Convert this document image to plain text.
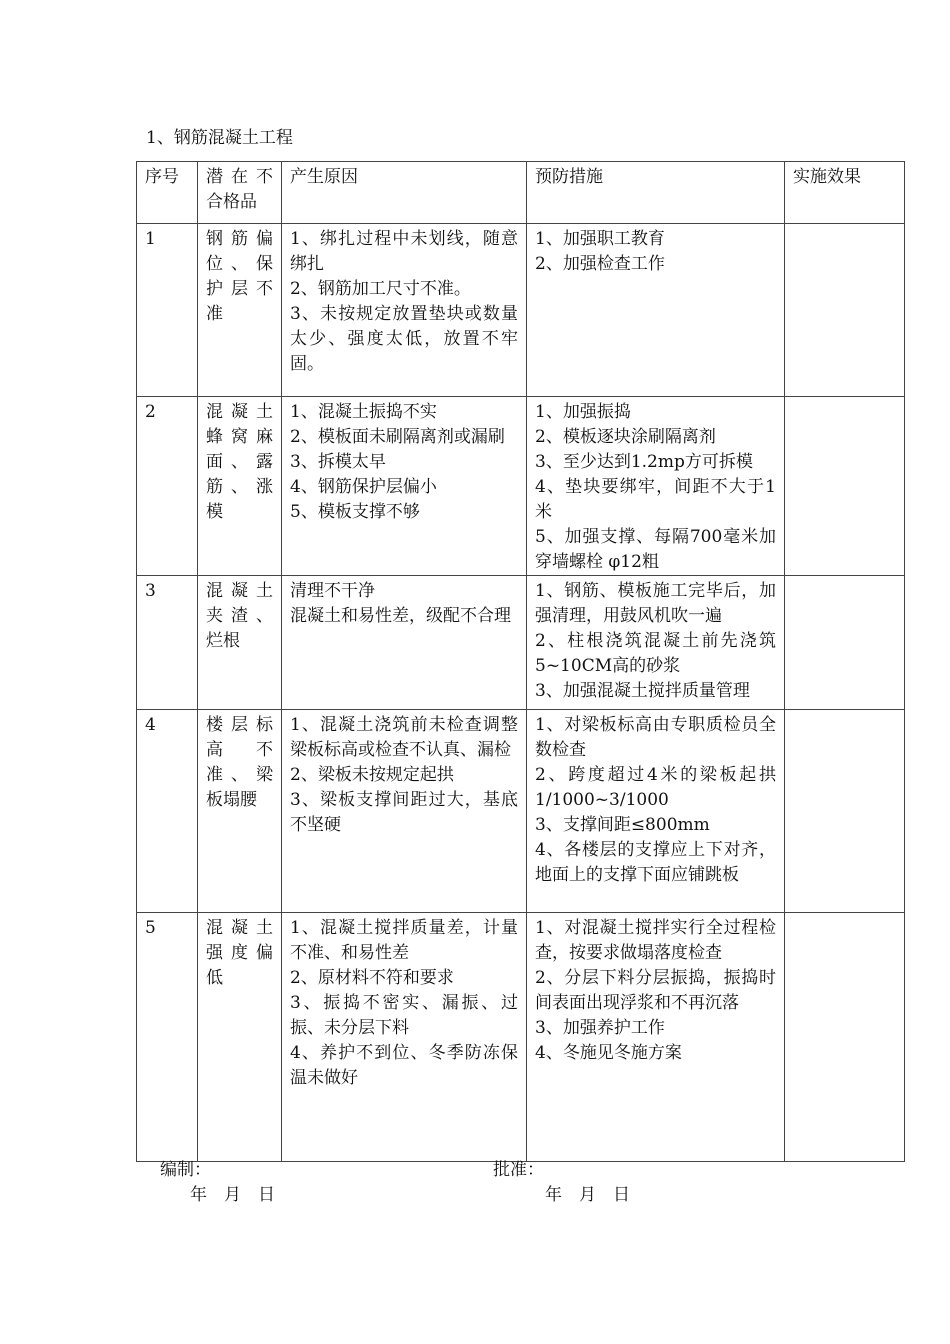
1、钢筋混凝土工程
序号	潜在不合格品	产生原因	预防措施	实施效果
1	钢筋偏位、保护层不准	1、绑扎过程中未划线，随意绑扎
2、钢筋加工尺寸不准。
3、未按规定放置垫块或数量太少、强度太低，放置不牢固。	1、加强职工教育
2、加强检查工作	

2	混凝土蜂窝麻面、露筋、涨模	1、混凝土振捣不实
2、模板面未刷隔离剂或漏刷
3、拆模太早
4、钢筋保护层偏小
5、模板支撑不够	1、加强振捣
2、模板逐块涂刷隔离剂
3、至少达到1.2mp方可拆模
4、垫块要绑牢，间距不大于1米
5、加强支撑、每隔700毫米加穿墙螺栓 φ12粗	

3	混凝土夹渣、烂根	清理不干净
混凝土和易性差，级配不合理	1、钢筋、模板施工完毕后，加强清理，用鼓风机吹一遍
2、柱根浇筑混凝土前先浇筑5~10CM高的砂浆
3、加强混凝土搅拌质量管理	

4	楼层标高不准、梁板塌腰	1、混凝土浇筑前未检查调整梁板标高或检查不认真、漏检
2、梁板未按规定起拱
3、梁板支撑间距过大，基底不坚硬	1、对梁板标高由专职质检员全数检查
2、跨度超过4米的梁板起拱1/1000~3/1000
3、支撑间距≤800mm
4、各楼层的支撑应上下对齐，地面上的支撑下面应铺跳板	

5	混凝土强度偏低	1、混凝土搅拌质量差，计量不准、和易性差
2、原材料不符和要求
3、振捣不密实、漏振、过振、未分层下料
4、养护不到位、冬季防冻保温未做好	1、对混凝土搅拌实行全过程检查，按要求做塌落度检查
2、分层下料分层振捣，振捣时间表面出现浮浆和不再沉落
3、加强养护工作
4、冬施见冬施方案	

编制：	批准：
年　月　日	年　月　日
